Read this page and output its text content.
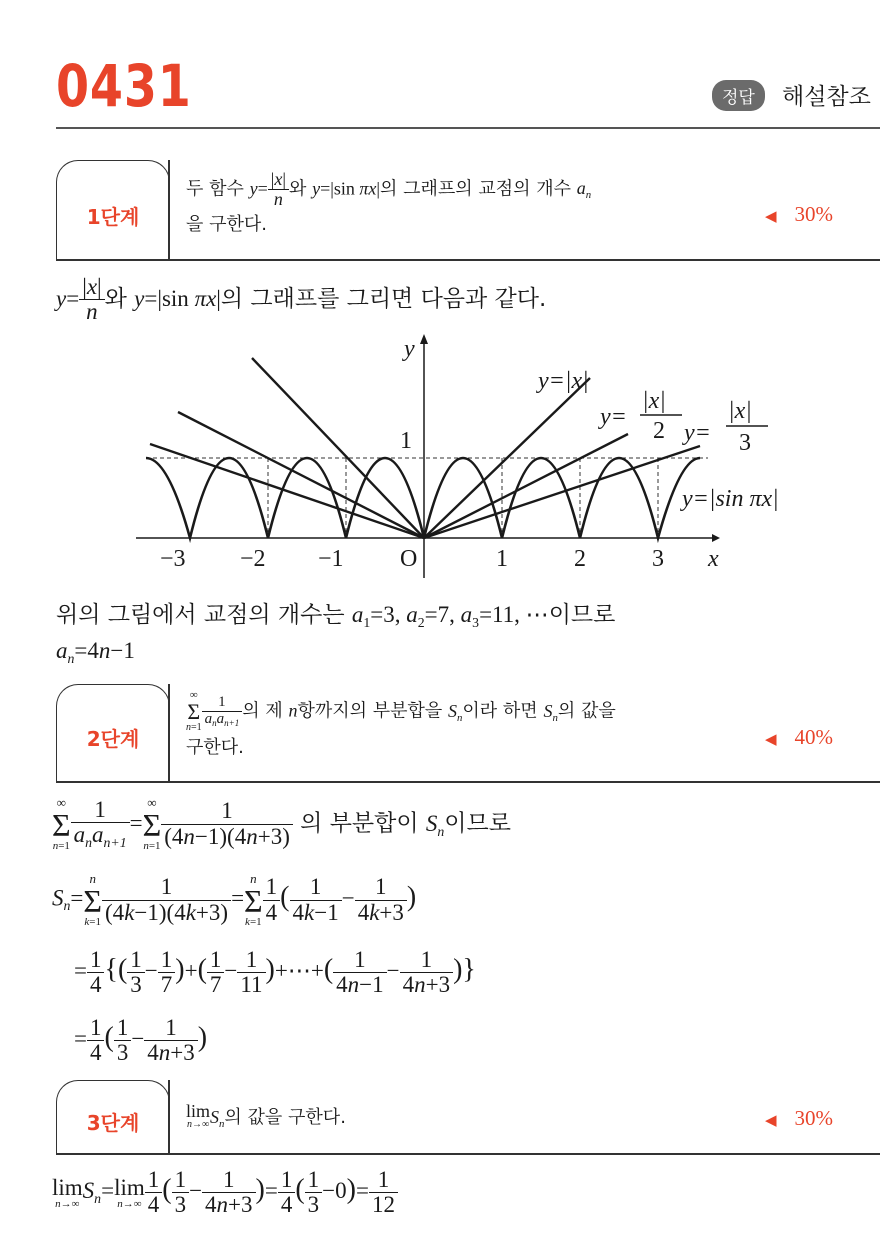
0431	정답	해설참조
1단계
두 함수 $y= \frac{|x|}{n}$ 와 y=|sin πx|의 그래프의 교점의 개수 $a_n$
을 구한다.	◀ 30%
$y= \frac{|x|}{n}$ 와 y=|sin πx|의 그래프를 그리면 다음과 같다.
y
x
O
1
−3 −2 −1	1	2	3
y=|x|
y=
|x|
2 y=
|x|
3
y=|sin πx|
위의 그림에서 교점의 개수는 $a_1=3$, $a_2=7$, $a_3=11$, ⋯이므로
$a_n=4n-1$
2단계
∞
Σ
$n=1 \frac{1}{a_na_{n+1}}$ 의 제 n항까지의 부분합을 $S_n$이라 하면 $S_n$의 값을
구한다.	◀ 40%
∞
Σ
$n=1 \frac{1}{a_na_{n+1}}$ =
∞
Σ
$n=1 \frac{1}{(4n-1)(4n+3)}$ 의 부분합이 $S_n$이므로
$S_n=$
n
Σ
$k=1 \frac{1}{(4k-1)(4k+3)}$ =
n
Σ
$k=1 \frac{1}{4}$ ( $\frac{1}{4k-1} - \frac{1}{4k+3}$ )
= $\frac{1}{4}$ {( $\frac{1}{3} - \frac{1}{7}$ )+( $\frac{1}{7} - \frac{1}{11}$ )+⋯+( $\frac{1}{4n-1} - \frac{1}{4n+3}$ )}
= $\frac{1}{4}$ ( $\frac{1}{3} - \frac{1}{4n+3}$ )
3단계	lim
n→∞ $S_n$의 값을 구한다.	◀ 30%
lim
n→∞
$S_n= \lim$
$n\to\infty \frac{1}{4}$ ( $\frac{1}{3} - \frac{1}{4n+3}$ )= $\frac{1}{4}$ ( $\frac{1}{3} -0)= \frac{1}{12}$
